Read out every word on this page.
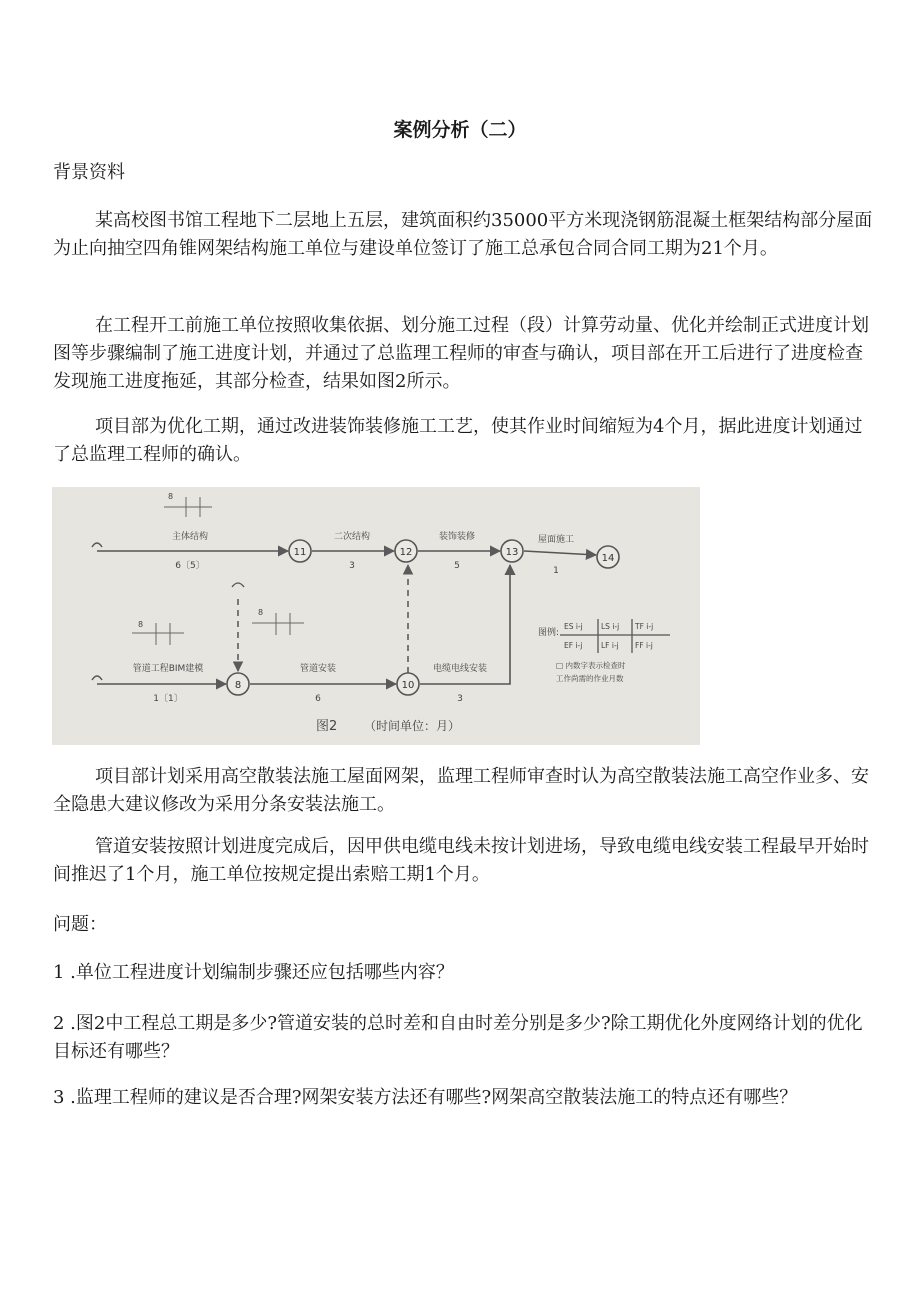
案例分析（二）
背景资料
某高校图书馆工程地下二层地上五层，建筑面积约35000平方米现浇钢筋混凝土框架结构部分屋面为止向抽空四角锥网架结构施工单位与建设单位签订了施工总承包合同合同工期为21个月。
在工程开工前施工单位按照收集依据、划分施工过程（段）计算劳动量、优化并绘制正式进度计划图等步骤编制了施工进度计划，并通过了总监理工程师的审查与确认，项目部在开工后进行了进度检查发现施工进度拖延，其部分检查，结果如图2所示。
项目部为优化工期，通过改进装饰装修施工工艺，使其作业时间缩短为4个月，据此进度计划通过了总监理工程师的确认。
11	12	13
14
8	10
主体结构
6〔5〕
二次结构
3
装饰装修
5
屋面施工
1
管道工程BIM建模
1〔1〕
管道安装
6
电缆电线安装
3
8
8
8
图例:
ES i-j LS i-j TF i-j
EF i-j LF i-j FF i-j
□ 内数字表示检查时
工作尚需的作业月数
图2 （时间单位：月）
项目部计划采用高空散装法施工屋面网架，监理工程师审查时认为高空散装法施工高空作业多、安全隐患大建议修改为采用分条安装法施工。
管道安装按照计划进度完成后，因甲供电缆电线未按计划进场，导致电缆电线安装工程最早开始时间推迟了1个月，施工单位按规定提出索赔工期1个月。
问题：
1 .单位工程进度计划编制步骤还应包括哪些内容？
2 .图2中工程总工期是多少?管道安装的总时差和自由时差分别是多少?除工期优化外度网络计划的优化目标还有哪些？
3 .监理工程师的建议是否合理?网架安装方法还有哪些?网架高空散装法施工的特点还有哪些？
